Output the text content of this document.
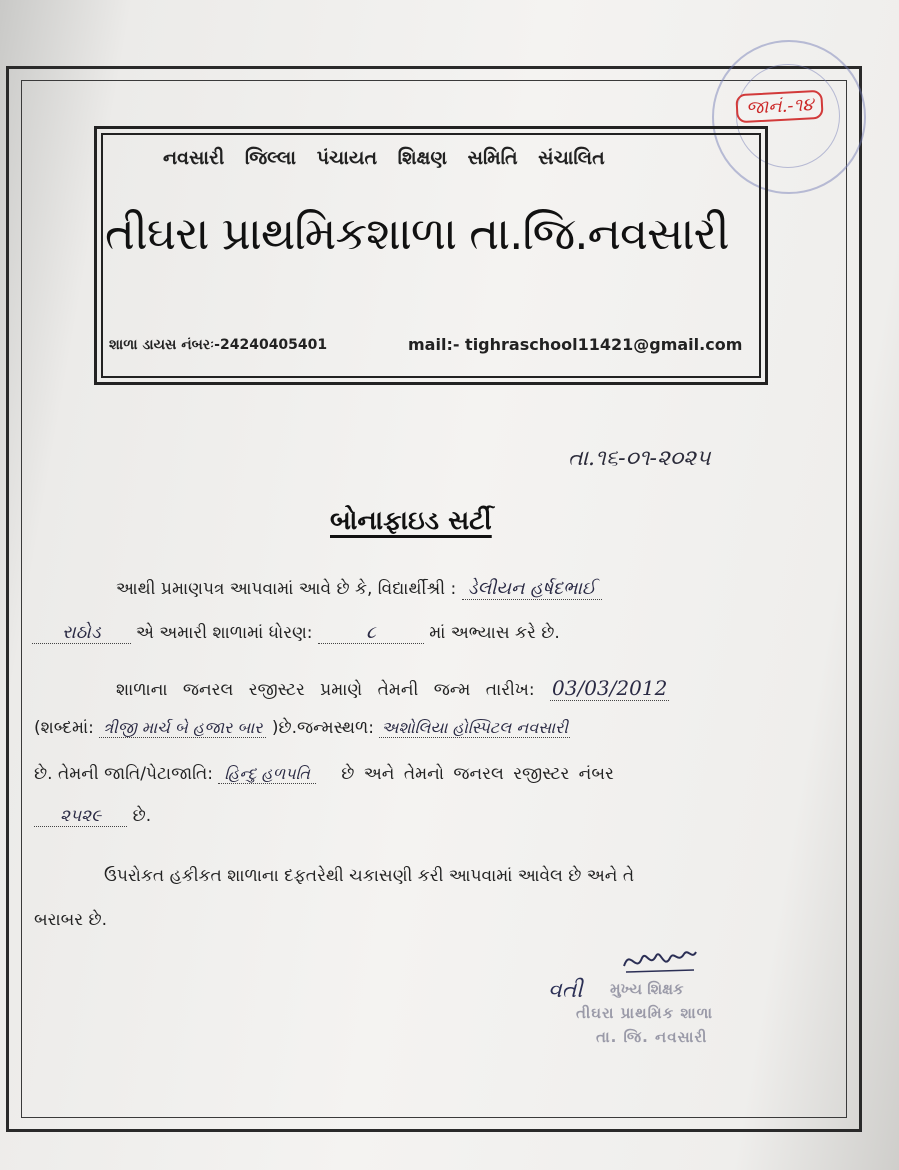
જાનં.-૧૪
નવસારી જિલ્લા પંચાયત શિક્ષણ સમિતિ સંચાલિત
તીઘરા પ્રાથમિકશાળા તા.જિ.નવસારી
શાળા ડાયસ નંબરઃ-24240405401	mail:- tighraschool11421@gmail.com
તા.૧૬-૦૧-૨૦૨૫
બોનાફાઇડ સર્ટી
આથી પ્રમાણપત્ર આપવામાં આવે છે કે, વિદ્યાર્થીશ્રી : ડેલીયન હર્ષદભાઈ
રાઠોડ એ અમારી શાળામાં ધોરણ:	૮	માં અભ્યાસ કરે છે.
શાળાના જનરલ રજીસ્ટર પ્રમાણે તેમની જન્મ તારીખ: 03/03/2012
(શબ્દમાં: ત્રીજી માર્ચ બે હજાર બાર )છે.જન્મસ્થળ: અશોલિયા હોસ્પિટલ નવસારી
છે. તેમની જાતિ/પેટાજાતિ: હિન્દુ હળપતિ છે અને તેમનો જનરલ રજીસ્ટર નંબર
૨૫૨૯ છે.
ઉપરોકત હકીકત શાળાના દફતરેથી ચકાસણી કરી આપવામાં આવેલ છે અને તે
બરાબર છે.
વતી મુખ્ય શિક્ષક
તીઘરા પ્રાથમિક શાળા
તા. જિ. નવસારી
